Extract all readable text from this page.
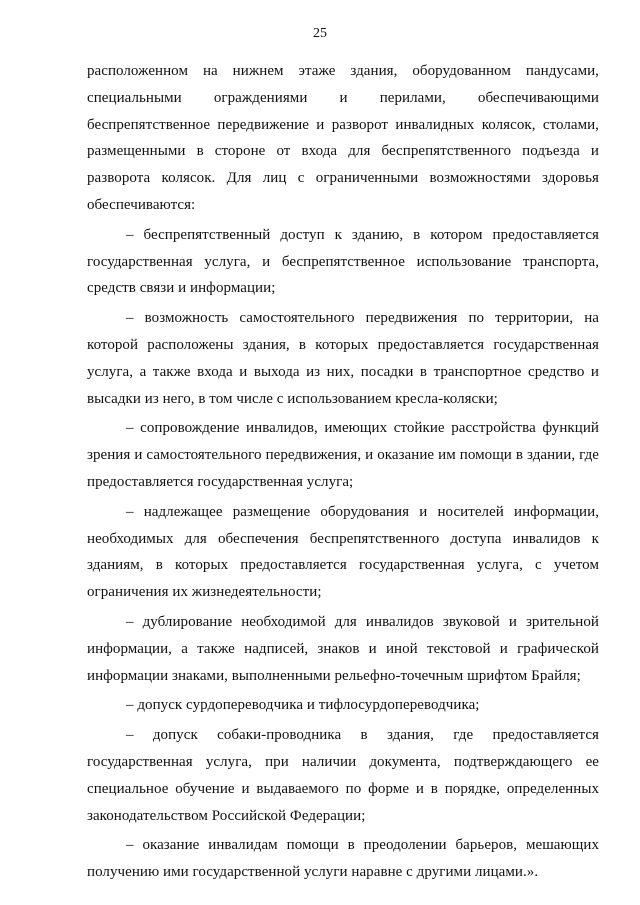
25

расположенном на нижнем этаже здания, оборудованном пандусами, специальными ограждениями и перилами, обеспечивающими беспрепятственное передвижение и разворот инвалидных колясок, столами, размещенными в стороне от входа для беспрепятственного подъезда и разворота колясок. Для лиц с ограниченными возможностями здоровья обеспечиваются:

– беспрепятственный доступ к зданию, в котором предоставляется государственная услуга, и беспрепятственное использование транспорта, средств связи и информации;

– возможность самостоятельного передвижения по территории, на которой расположены здания, в которых предоставляется государственная услуга, а также входа и выхода из них, посадки в транспортное средство и высадки из него, в том числе с использованием кресла-коляски;

– сопровождение инвалидов, имеющих стойкие расстройства функций зрения и самостоятельного передвижения, и оказание им помощи в здании, где предоставляется государственная услуга;

– надлежащее размещение оборудования и носителей информации, необходимых для обеспечения беспрепятственного доступа инвалидов к зданиям, в которых предоставляется государственная услуга, с учетом ограничения их жизнедеятельности;

– дублирование необходимой для инвалидов звуковой и зрительной информации, а также надписей, знаков и иной текстовой и графической информации знаками, выполненными рельефно-точечным шрифтом Брайля;

– допуск сурдопереводчика и тифлосурдопереводчика;

– допуск собаки-проводника в здания, где предоставляется государственная услуга, при наличии документа, подтверждающего ее специальное обучение и выдаваемого по форме и в порядке, определенных законодательством Российской Федерации;

– оказание инвалидам помощи в преодолении барьеров, мешающих получению ими государственной услуги наравне с другими лицами.».
